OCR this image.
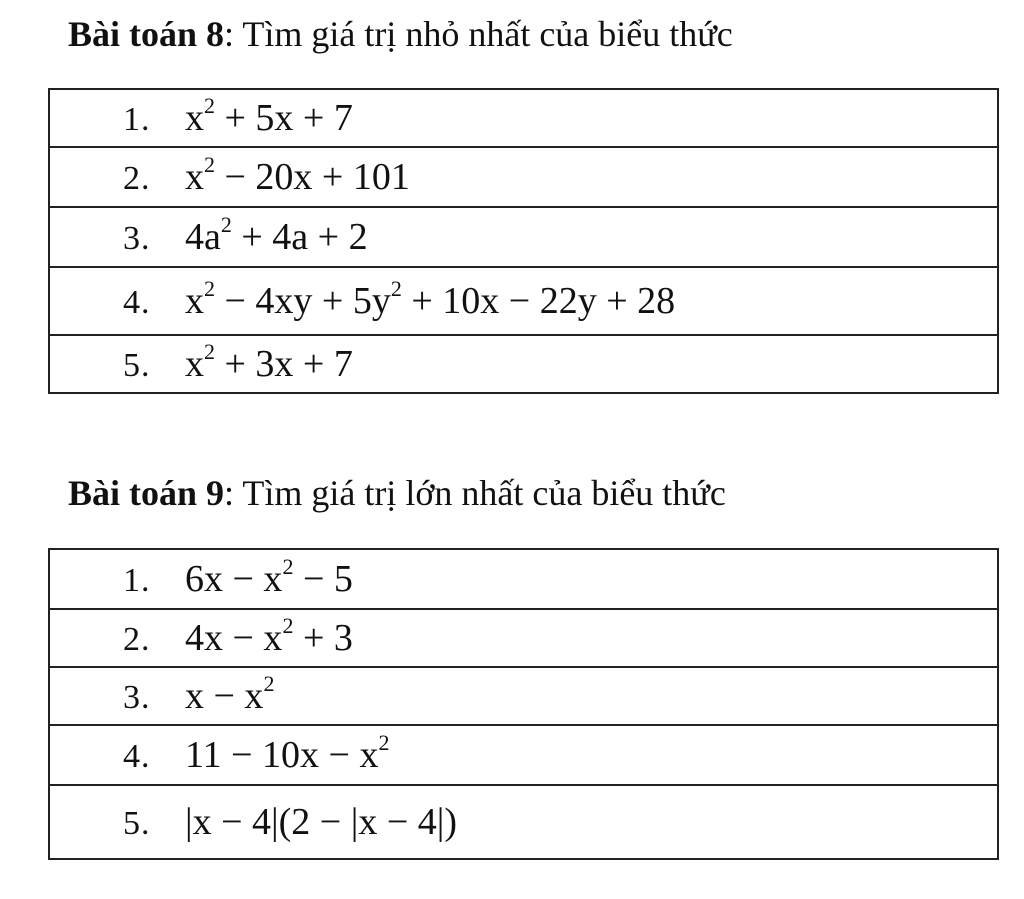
Bài toán 8: Tìm giá trị nhỏ nhất của biểu thức
1. $x^2 + 5x + 7$
2. $x^2 - 20x + 101$
3. $4a^2 + 4a + 2$
4. $x^2 - 4xy + 5y^2 + 10x - 22y + 28$
5. $x^2 + 3x + 7$
Bài toán 9: Tìm giá trị lớn nhất của biểu thức
1. $6x - x^2 - 5$
2. $4x - x^2 + 3$
3. $x - x^2$
4. $11 - 10x - x^2$
5. |x − 4|(2 − |x − 4|)
